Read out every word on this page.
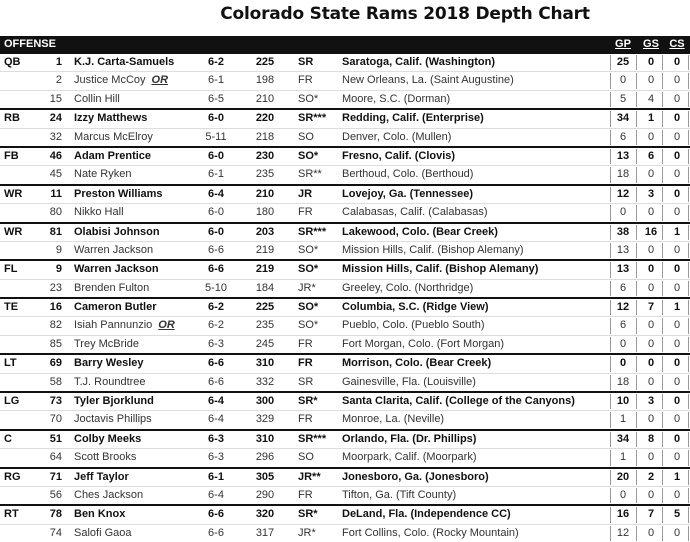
Colorado State Rams 2018 Depth Chart
OFFENSE	GP GS CS
QB	1 K.J. Carta-Samuels	6-2	225	SR	Saratoga, Calif. (Washington)	25	0	0
2 Justice McCoy OR	6-1	198	FR	New Orleans, La. (Saint Augustine)	0	0	0
15 Collin Hill	6-5	210	SO*	Moore, S.C. (Dorman)	5	4	0
RB	24 Izzy Matthews	6-0	220	SR***	Redding, Calif. (Enterprise)	34	1	0
32 Marcus McElroy	5-11	218	SO	Denver, Colo. (Mullen)	6	0	0
FB	46 Adam Prentice	6-0	230	SO*	Fresno, Calif. (Clovis)	13	6	0
45 Nate Ryken	6-1	235	SR**	Berthoud, Colo. (Berthoud)	18	0	0
WR	11 Preston Williams	6-4	210	JR	Lovejoy, Ga. (Tennessee)	12	3	0
80 Nikko Hall	6-0	180	FR	Calabasas, Calif. (Calabasas)	0	0	0
WR	81 Olabisi Johnson	6-0	203	SR***	Lakewood, Colo. (Bear Creek)	38	16	1
9 Warren Jackson	6-6	219	SO*	Mission Hills, Calif. (Bishop Alemany)	13	0	0
FL	9 Warren Jackson	6-6	219	SO*	Mission Hills, Calif. (Bishop Alemany)	13	0	0
23 Brenden Fulton	5-10	184	JR*	Greeley, Colo. (Northridge)	6	0	0
TE	16 Cameron Butler	6-2	225	SO*	Columbia, S.C. (Ridge View)	12	7	1
82 Isiah Pannunzio OR	6-2	235	SO*	Pueblo, Colo. (Pueblo South)	6	0	0
85 Trey McBride	6-3	245	FR	Fort Morgan, Colo. (Fort Morgan)	0	0	0
LT	69 Barry Wesley	6-6	310	FR	Morrison, Colo. (Bear Creek)	0	0	0
58 T.J. Roundtree	6-6	332	SR	Gainesville, Fla. (Louisville)	18	0	0
LG	73 Tyler Bjorklund	6-4	300	SR*	Santa Clarita, Calif. (College of the Canyons)	10	3	0
70 Joctavis Phillips	6-4	329	FR	Monroe, La. (Neville)	1	0	0
C	51 Colby Meeks	6-3	310	SR***	Orlando, Fla. (Dr. Phillips)	34	8	0
64 Scott Brooks	6-3	296	SO	Moorpark, Calif. (Moorpark)	1	0	0
RG	71 Jeff Taylor	6-1	305	JR**	Jonesboro, Ga. (Jonesboro)	20	2	1
56 Ches Jackson	6-4	290	FR	Tifton, Ga. (Tift County)	0	0	0
RT	78 Ben Knox	6-6	320	SR*	DeLand, Fla. (Independence CC)	16	7	5
74 Salofi Gaoa	6-6	317	JR*	Fort Collins, Colo. (Rocky Mountain)	12	0	0
